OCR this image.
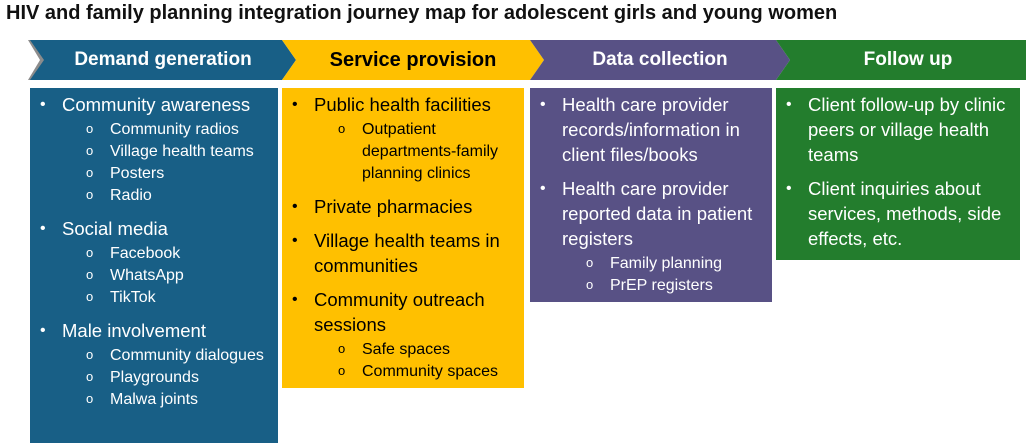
HIV and family planning integration journey map for adolescent girls and young women
Demand generation	Service provision	Data collection	Follow up
• Community awareness
o Community radios
o Village health teams
o Posters
o Radio
• Social media
o Facebook
o WhatsApp
o TikTok
• Male involvement
o Community dialogues
o Playgrounds
o Malwa joints
• Public health facilities
o Outpatient departments-family planning clinics
• Private pharmacies
• Village health teams in communities
• Community outreach sessions
o Safe spaces
o Community spaces
• Health care provider records/information in client files/books
• Health care provider reported data in patient registers
o Family planning
o PrEP registers
• Client follow-up by clinic peers or village health teams
• Client inquiries about services, methods, side effects, etc.
